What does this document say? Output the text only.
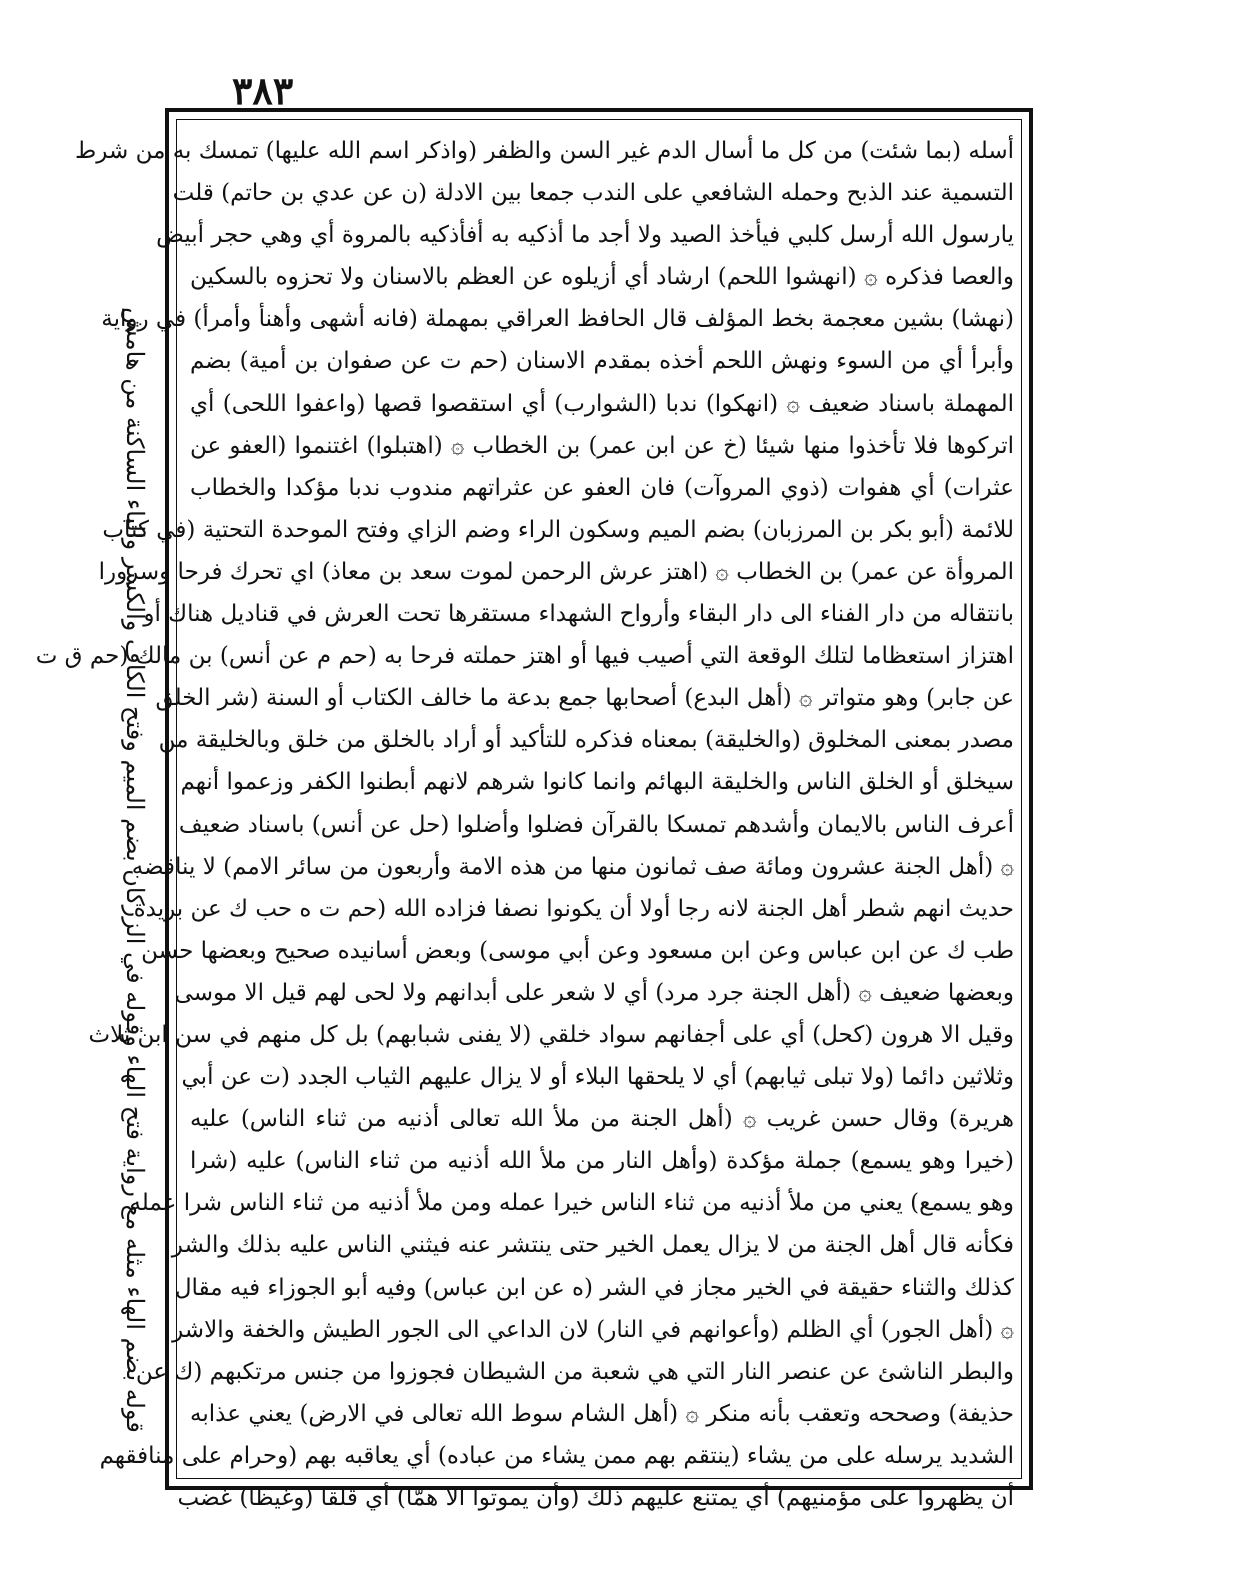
٣٨٣
قوله بضم الهاء مثله مع رواية فتح الهاء وقوله في الزركان بضم الميم وفتح الكاف والكسر والباء الساكنة من هامش
أسله (بما شئت) من كل ما أسال الدم غير السن والظفر (واذكر اسم الله عليها) تمسك به من شرط
التسمية عند الذبح وحمله الشافعي على الندب جمعا بين الادلة (ن عن عدي بن حاتم) قلت
يارسول الله أرسل كلبي فيأخذ الصيد ولا أجد ما أذكيه به أفأذكيه بالمروة أي وهي حجر أبيض
والعصا فذكره ۞ (انهشوا اللحم) ارشاد أي أزيلوه عن العظم بالاسنان ولا تحزوه بالسكين
(نهشا) بشين معجمة بخط المؤلف قال الحافظ العراقي بمهملة (فانه أشهى وأهنأ وأمرأ) في رواية
وأبرأ أي من السوء ونهش اللحم أخذه بمقدم الاسنان (حم ت عن صفوان بن أمية) بضم
المهملة باسناد ضعيف ۞ (انهكوا) ندبا (الشوارب) أي استقصوا قصها (واعفوا اللحى) أي
اتركوها فلا تأخذوا منها شيئا (خ عن ابن عمر) بن الخطاب ۞ (اهتبلوا) اغتنموا (العفو عن
عثرات) أي هفوات (ذوي المروآت) فان العفو عن عثراتهم مندوب ندبا مؤكدا والخطاب
للائمة (أبو بكر بن المرزبان) بضم الميم وسكون الراء وضم الزاي وفتح الموحدة التحتية (في كتاب
المروأة عن عمر) بن الخطاب ۞ (اهتز عرش الرحمن لموت سعد بن معاذ) اي تحرك فرحا وسرورا
بانتقاله من دار الفناء الى دار البقاء وأرواح الشهداء مستقرها تحت العرش في قناديل هناك أو
اهتزاز استعظاما لتلك الوقعة التي أصيب فيها أو اهتز حملته فرحا به (حم م عن أنس) بن مالك (حم ق ت
عن جابر) وهو متواتر ۞ (أهل البدع) أصحابها جمع بدعة ما خالف الكتاب أو السنة (شر الخلق
مصدر بمعنى المخلوق (والخليقة) بمعناه فذكره للتأكيد أو أراد بالخلق من خلق وبالخليقة من
سيخلق أو الخلق الناس والخليقة البهائم وانما كانوا شرهم لانهم أبطنوا الكفر وزعموا أنهم
أعرف الناس بالايمان وأشدهم تمسكا بالقرآن فضلوا وأضلوا (حل عن أنس) باسناد ضعيف
۞ (أهل الجنة عشرون ومائة صف ثمانون منها من هذه الامة وأربعون من سائر الامم) لا يناقضه
حديث انهم شطر أهل الجنة لانه رجا أولا أن يكونوا نصفا فزاده الله (حم ت ه حب ك عن بريدة
طب ك عن ابن عباس وعن ابن مسعود وعن أبي موسى) وبعض أسانيده صحيح وبعضها حسن
وبعضها ضعيف ۞ (أهل الجنة جرد مرد) أي لا شعر على أبدانهم ولا لحى لهم قيل الا موسى
وقيل الا هرون (كحل) أي على أجفانهم سواد خلقي (لا يفنى شبابهم) بل كل منهم في سن ابن ثلاث
وثلاثين دائما (ولا تبلى ثيابهم) أي لا يلحقها البلاء أو لا يزال عليهم الثياب الجدد (ت عن أبي
هريرة) وقال حسن غريب ۞ (أهل الجنة من ملأ الله تعالى أذنيه من ثناء الناس) عليه
(خيرا وهو يسمع) جملة مؤكدة (وأهل النار من ملأ الله أذنيه من ثناء الناس) عليه (شرا
وهو يسمع) يعني من ملأ أذنيه من ثناء الناس خيرا عمله ومن ملأ أذنيه من ثناء الناس شرا عمله
فكأنه قال أهل الجنة من لا يزال يعمل الخير حتى ينتشر عنه فيثني الناس عليه بذلك والشر
كذلك والثناء حقيقة في الخير مجاز في الشر (ه عن ابن عباس) وفيه أبو الجوزاء فيه مقال
۞ (أهل الجور) أي الظلم (وأعوانهم في النار) لان الداعي الى الجور الطيش والخفة والاشر
والبطر الناشئ عن عنصر النار التي هي شعبة من الشيطان فجوزوا من جنس مرتكبهم (ك عن
حذيفة) وصححه وتعقب بأنه منكر ۞ (أهل الشام سوط الله تعالى في الارض) يعني عذابه
الشديد يرسله على من يشاء (ينتقم بهم ممن يشاء من عباده) أي يعاقبه بهم (وحرام على منافقهم
أن يظهروا على مؤمنيهم) أي يمتنع عليهم ذلك (وأن يموتوا الا همّا) أي قلقا (وغيظا) غضب
